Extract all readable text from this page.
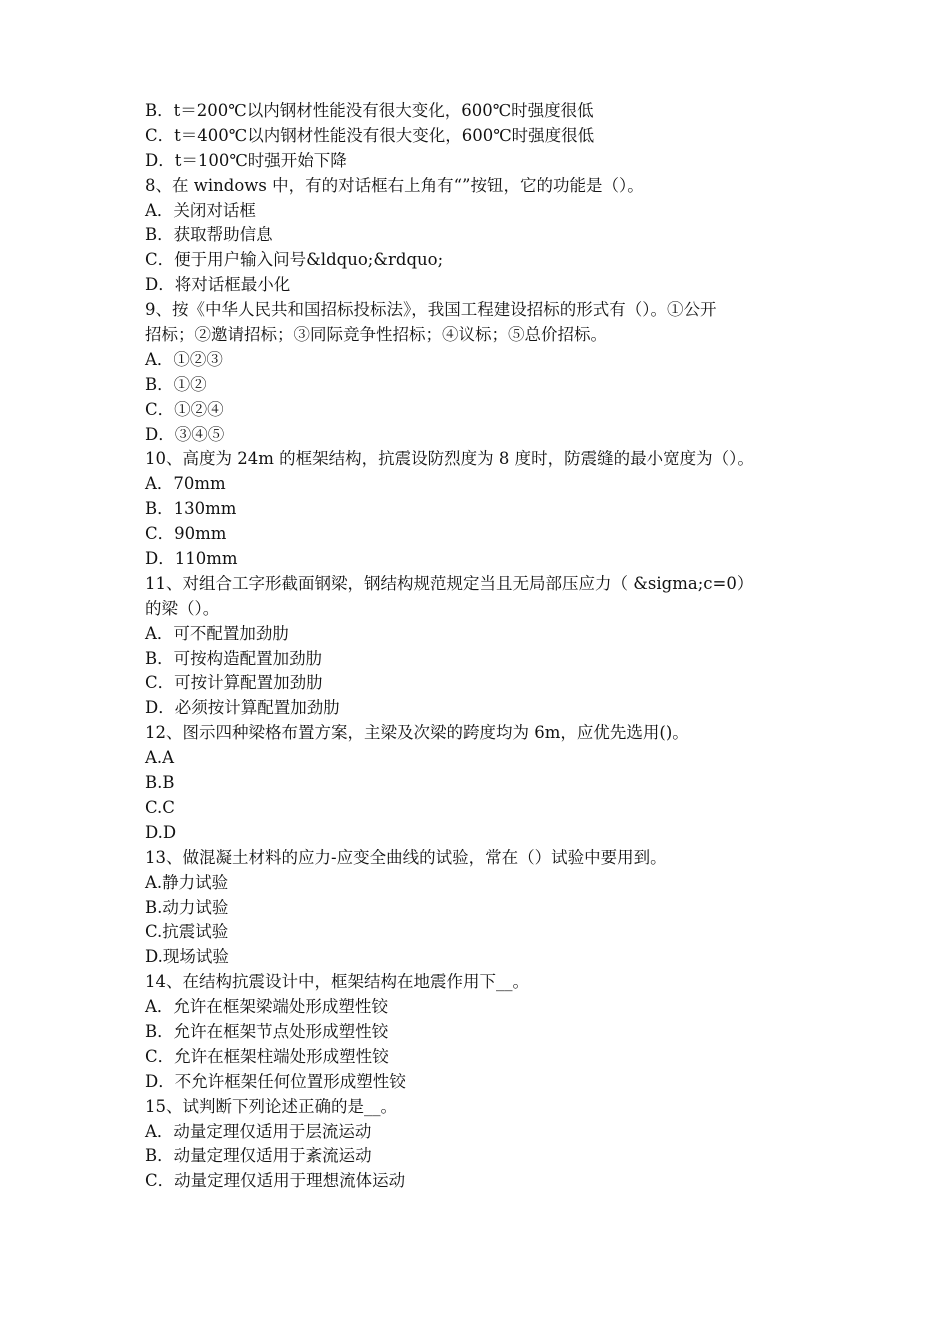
B．t＝200℃以内钢材性能没有很大变化，600℃时强度很低
C．t＝400℃以内钢材性能没有很大变化，600℃时强度很低
D．t＝100℃时强开始下降
8、在 windows 中，有的对话框右上角有“”按钮，它的功能是（）。
A．关闭对话框
B．获取帮助信息
C．便于用户输入问号&ldquo;&rdquo;
D．将对话框最小化
9、按《中华人民共和国招标投标法》，我国工程建设招标的形式有（）。①公开
招标；②邀请招标；③同际竞争性招标；④议标；⑤总价招标。
A．①②③
B．①②
C．①②④
D．③④⑤
10、高度为 24m 的框架结构，抗震设防烈度为 8 度时，防震缝的最小宽度为（）。
A．70mm
B．130mm
C．90mm
D．110mm
11、对组合工字形截面钢梁，钢结构规范规定当且无局部压应力（ &sigma;c=0）
的梁（）。
A．可不配置加劲肋
B．可按构造配置加劲肋
C．可按计算配置加劲肋
D．必须按计算配置加劲肋
12、图示四种梁格布置方案，主梁及次梁的跨度均为 6m，应优先选用()。
A.A
B.B
C.C
D.D
13、做混凝土材料的应力-应变全曲线的试验，常在（）试验中要用到。
A.静力试验
B.动力试验
C.抗震试验
D.现场试验
14、在结构抗震设计中，框架结构在地震作用下__。
A．允许在框架梁端处形成塑性铰
B．允许在框架节点处形成塑性铰
C．允许在框架柱端处形成塑性铰
D．不允许框架任何位置形成塑性铰
15、试判断下列论述正确的是__。
A．动量定理仅适用于层流运动
B．动量定理仅适用于紊流运动
C．动量定理仅适用于理想流体运动
